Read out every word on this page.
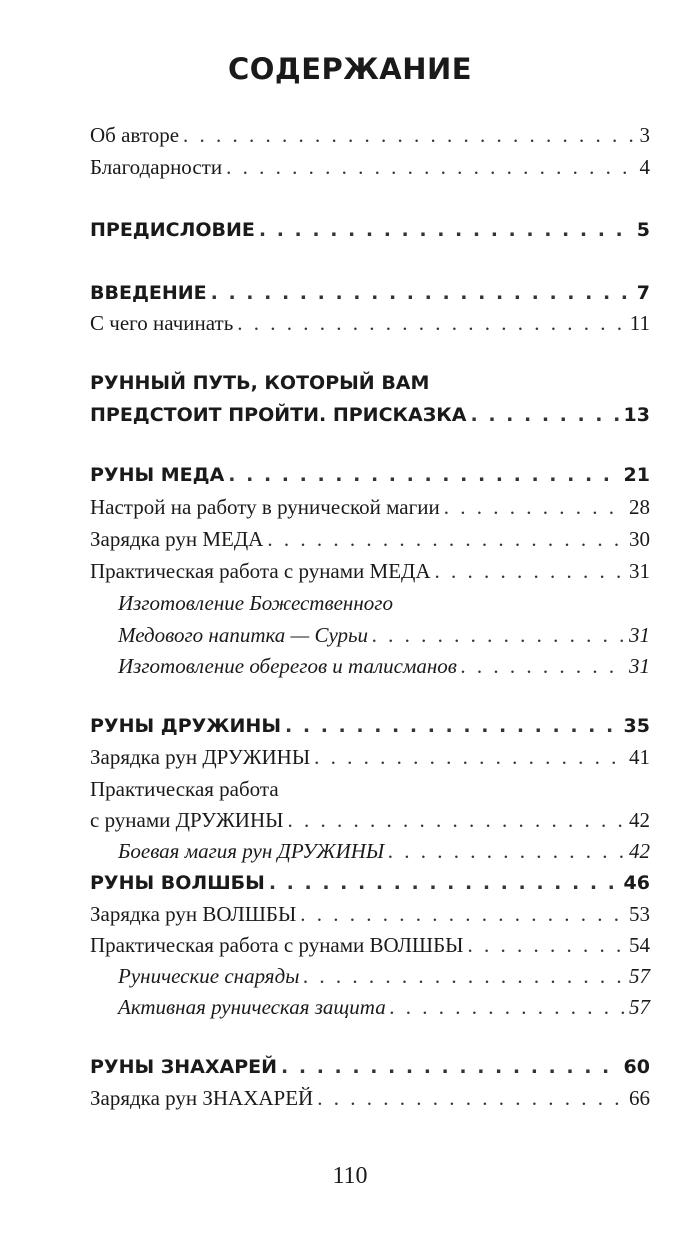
СОДЕРЖАНИЕ
Об авторе . . .	3
Благодарности . . .	4
ПРЕДИСЛОВИЕ . . .	5
ВВЕДЕНИЕ . . .	7
С чего начинать . . .	11
РУННЫЙ ПУТЬ, КОТОРЫЙ ВАМ
ПРЕДСТОИТ ПРОЙТИ. ПРИСКАЗКА . . .	13
РУНЫ МЕДА . . .	21
Настрой на работу в рунической магии . . .	28
Зарядка рун МЕДА . . .	30
Практическая работа с рунами МЕДА . . .	31
Изготовление Божественного
Медового напитка — Сурьи . . .	31
Изготовление оберегов и талисманов . . .	31
РУНЫ ДРУЖИНЫ . . .	35
Зарядка рун ДРУЖИНЫ . . .	41
Практическая работа
с рунами ДРУЖИНЫ . . .	42
Боевая магия рун ДРУЖИНЫ . . .	42
РУНЫ ВОЛШБЫ . . .	46
Зарядка рун ВОЛШБЫ . . .	53
Практическая работа с рунами ВОЛШБЫ . . .	54
Рунические снаряды . . .	57
Активная руническая защита . . .	57
РУНЫ ЗНАХАРЕЙ . . .	60
Зарядка рун ЗНАХАРЕЙ . . .	66
110
